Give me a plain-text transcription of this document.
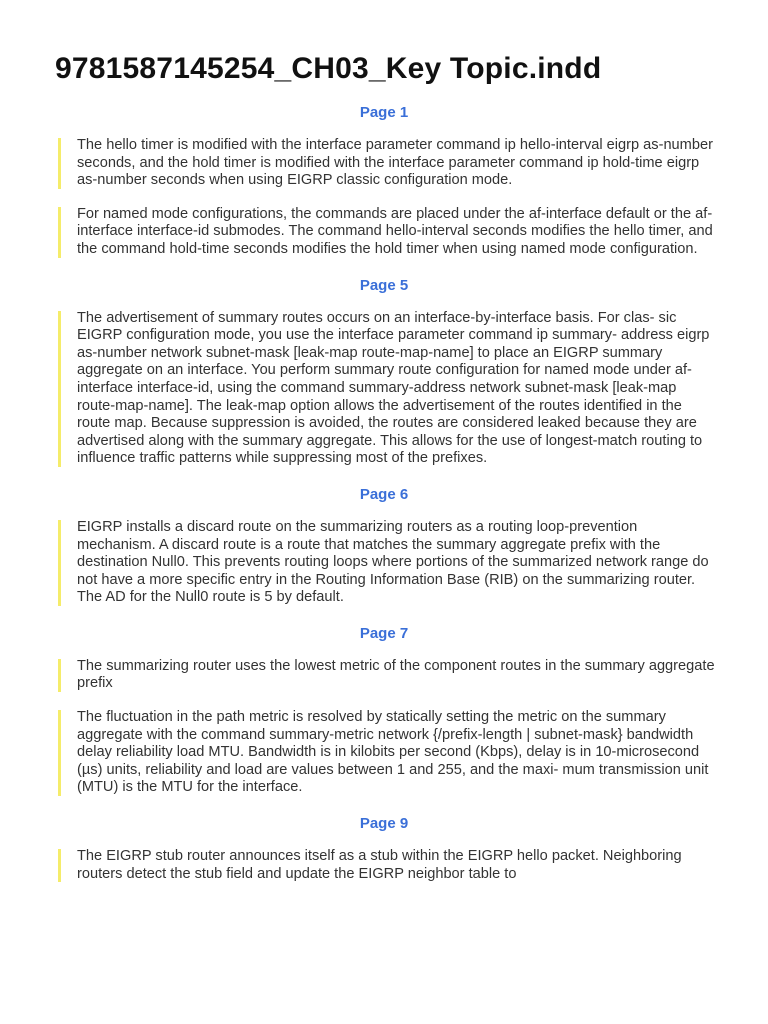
9781587145254_CH03_Key Topic.indd
Page 1
The hello timer is modified with the interface parameter command ip hello-interval eigrp as-number seconds, and the hold timer is modified with the interface parameter command ip hold-time eigrp as-number seconds when using EIGRP classic configuration mode.
For named mode configurations, the commands are placed under the af-interface default or the af-interface interface-id submodes. The command hello-interval seconds modifies the hello timer, and the command hold-time seconds modifies the hold timer when using named mode configuration.
Page 5
The advertisement of summary routes occurs on an interface-by-interface basis. For clas- sic EIGRP configuration mode, you use the interface parameter command ip summary- address eigrp as-number network subnet-mask [leak-map route-map-name] to place an EIGRP summary aggregate on an interface. You perform summary route configuration for named mode under af-interface interface-id, using the command summary-address network subnet-mask [leak-map route-map-name]. The leak-map option allows the advertisement of the routes identified in the route map. Because suppression is avoided, the routes are considered leaked because they are advertised along with the summary aggregate. This allows for the use of longest-match routing to influence traffic patterns while suppressing most of the prefixes.
Page 6
EIGRP installs a discard route on the summarizing routers as a routing loop-prevention mechanism. A discard route is a route that matches the summary aggregate prefix with the destination Null0. This prevents routing loops where portions of the summarized network range do not have a more specific entry in the Routing Information Base (RIB) on the summarizing router. The AD for the Null0 route is 5 by default.
Page 7
The summarizing router uses the lowest metric of the component routes in the summary aggregate prefix
The fluctuation in the path metric is resolved by statically setting the metric on the summary aggregate with the command summary-metric network {/prefix-length | subnet-mask} bandwidth delay reliability load MTU. Bandwidth is in kilobits per second (Kbps), delay is in 10-microsecond (µs) units, reliability and load are values between 1 and 255, and the maxi- mum transmission unit (MTU) is the MTU for the interface.
Page 9
The EIGRP stub router announces itself as a stub within the EIGRP hello packet. Neighboring routers detect the stub field and update the EIGRP neighbor table to
